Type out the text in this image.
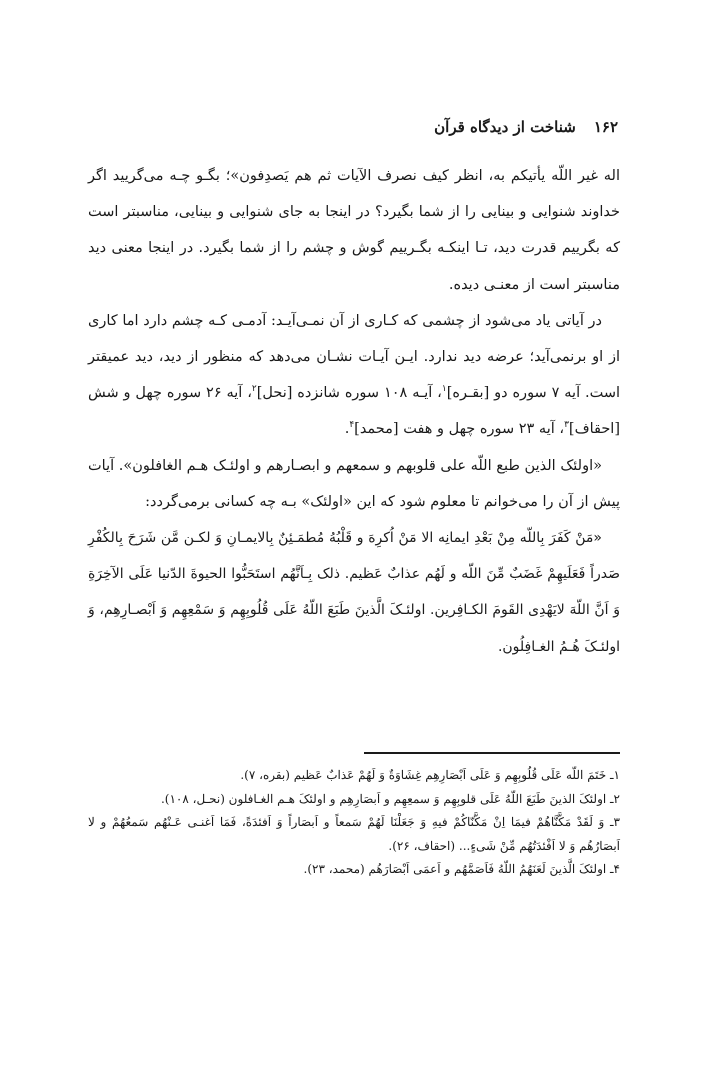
۱۶۲
شناخت از دیدگاه قرآن

اله غیر اللّه یأتیکم به، انظر کیف نصرف الآیات ثم هم یَصدِفون»؛ بگـو چـه می‌گریید اگر خداوند شنوایی و بینایی را از شما بگیرد؟ در اینجا به جای شنوایی و بینایی، مناسبتر است که بگرییم قدرت دید، تـا اینکـه بگـرییم گوش و چشم را از شما بگیرد. در اینجا معنی دید مناسبتر است از معنـی دیده.

در آیاتی یاد می‌شود از چشمی که کـاری از آن نمـی‌آیـد: آدمـی کـه چشم دارد اما کاری از او برنمی‌آید؛ عرضه دید ندارد. ایـن آیـات نشـان می‌دهد که منظور از دید، دید عمیقتر است. آیه ۷ سوره دو [بقـره]$^۱$، آیـه ۱۰۸ سوره شانزده [نحل]$^۲$، آیه ۲۶ سوره چهل و شش [احقاف]$^۳$، آیه ۲۳ سوره چهل و هفت [محمد]$^۴$.

«اولئک الذین طبع اللّه علی قلوبهم و سمعهم و ابصـارهم و اولئـک هـم الغافلون». آیات پیش از آن را می‌خوانم تا معلوم شود که این «اولئک» بـه چه کسانی برمی‌گردد:

«مَنْ کَفَرَ بِاللّه مِنْ بَعْدِ ایمانِه الا مَنْ اُکرِهَ و قَلْبُهُ مُطمَـئِنٌ بِالایمـانِ وَ لکـن مَّن شَرَحَ بِالکُفْرِ صَدراً فَعَلَیهِمْ غَضَبٌ مِّنَ اللّه و لَهُم عذابٌ عَظیم. ذلک بِـاَنَّهُم استَحَبُّوا الحیوةَ الدّنیا عَلَی الآخِرَةِ وَ اَنَّ اللّهَ لایَهْدِی القَومَ الکـافِرین. اولئـکَ الَّذینَ طَبَعَ اللّهُ عَلَی قُلُوبِهِم وَ سَمْعِهِم وَ اَبْصـارِهِم، وَ اولئـکَ هُـمُ الغـافِلُون.

۱ـ خَتَمَ اللّه عَلَی قُلُوبِهِم وَ عَلَی اَبْصَارِهِم غِشَاوَةٌ وَ لَهُمْ عَذابٌ عَظیم (بقره، ۷).

۲ـ اولئکَ الذینَ طَبَعَ اللّهُ عَلَی قلوبِهِم وَ سمعِهِم و اَبصَارِهِم و اولئکَ هـم الغـافلون (نحـل، ۱۰۸).

۳ـ وَ لَقَدْ مَکَّنَّاهُمْ فیمَا اِنْ مَکَّنّاکُمْ فیهِ وَ جَعَلْنَا لَهُمْ سَمعاً و اَبصَاراً وَ اَفئدَةً، فَمَا اَغنـی عَـنْهُم سَمعُهُمْ و لا اَبصَارُهُم وَ لا اَفْئدَتُهُم مِّنْ شَیءٍ... (احقاف، ۲۶).

۴ـ اولئکَ الَّذینَ لَعَنَهُمُ اللّهُ فَاَصَمَّهُم و اَعمَی اَبْصَارَهُم (محمد، ۲۳).
